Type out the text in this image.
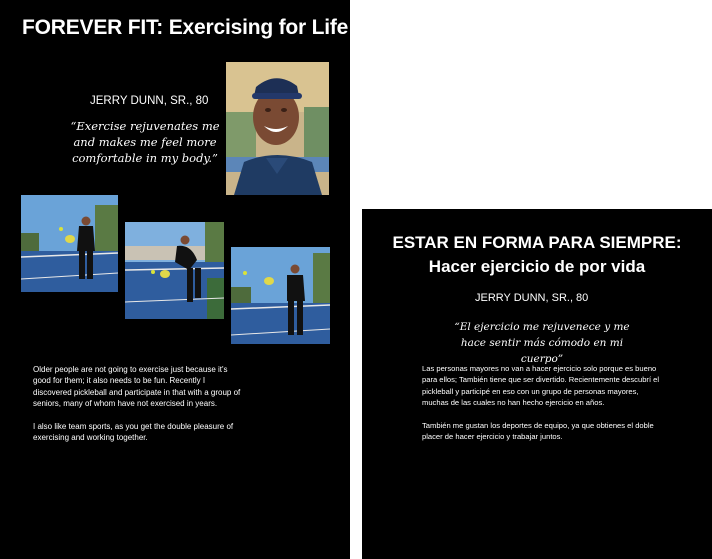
FOREVER FIT: Exercising for Life
JERRY DUNN, SR., 80
“Exercise rejuvenates me and makes me feel more comfortable in my body.”

Older people are not going to exercise just because it's good for them; it also needs to be fun. Recently I discovered pickleball and participate in that with a group of seniors, many of whom have not exercised in years.

I also like team sports, as you get the double pleasure of exercising and working together.

ESTAR EN FORMA PARA SIEMPRE:
Hacer ejercicio de por vida
JERRY DUNN, SR., 80
“El ejercicio me rejuvenece y me hace sentir más cómodo en mi cuerpo”

Las personas mayores no van a hacer ejercicio solo porque es bueno para ellos; También tiene que ser divertido. Recientemente descubrí el pickleball y participé en eso con un grupo de personas mayores, muchas de las cuales no han hecho ejercicio en años.

También me gustan los deportes de equipo, ya que obtienes el doble placer de hacer ejercicio y trabajar juntos.
